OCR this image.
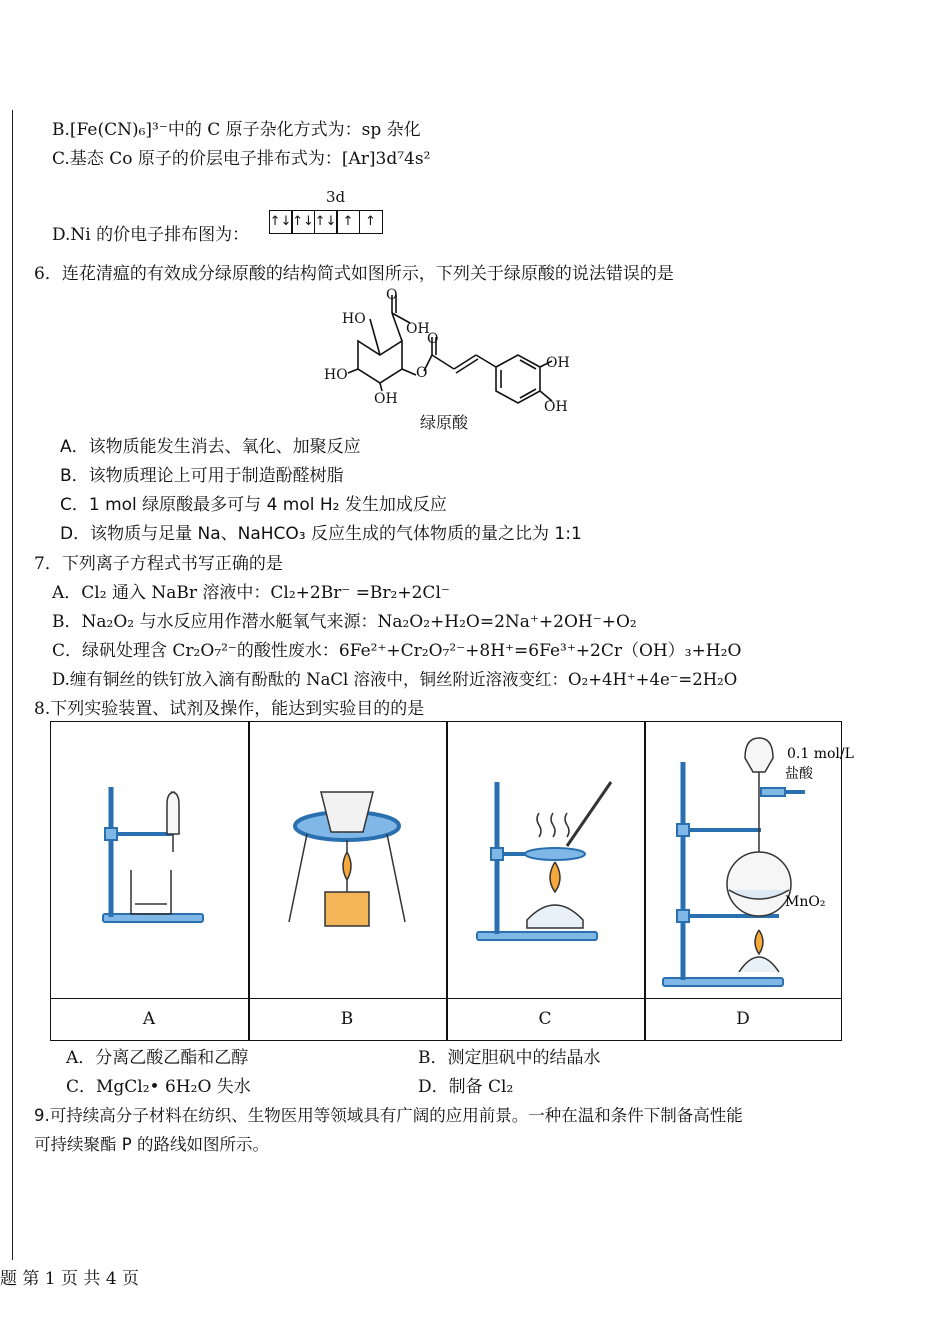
B.[Fe(CN)₆]³⁻中的 C 原子杂化方式为：sp 杂化
C.基态 Co 原子的价层电子排布式为：[Ar]3d⁷4s²
3d
D.Ni 的价电子排布图为：
↑↓ ↑↓ ↑↓ ↑ ↑
6．连花清瘟的有效成分绿原酸的结构简式如图所示，下列关于绿原酸的说法错误的是
O
HO
OH
O
O
HO
OH
OH
OH
绿原酸
A．该物质能发生消去、氧化、加聚反应
B．该物质理论上可用于制造酚醛树脂
C．1 mol 绿原酸最多可与 4 mol H₂ 发生加成反应
D．该物质与足量 Na、NaHCO₃ 反应生成的气体物质的量之比为 1:1
7．下列离子方程式书写正确的是
A．Cl₂ 通入 NaBr 溶液中：Cl₂+2Br⁻ =Br₂+2Cl⁻
B．Na₂O₂ 与水反应用作潜水艇氧气来源：Na₂O₂+H₂O=2Na⁺+2OH⁻+O₂
C．绿矾处理含 Cr₂O₇²⁻的酸性废水：6Fe²⁺+Cr₂O₇²⁻+8H⁺=6Fe³⁺+2Cr（OH）₃+H₂O
D.缠有铜丝的铁钉放入滴有酚酞的 NaCl 溶液中，铜丝附近溶液变红：O₂+4H⁺+4e⁻=2H₂O
8.下列实验装置、试剂及操作，能达到实验目的的是
0.1 mol/L
盐酸
MnO₂
A	B	C	D
A．分离乙酸乙酯和乙醇	B．测定胆矾中的结晶水
C．MgCl₂• 6H₂O 失水	D．制备 Cl₂
9.可持续高分子材料在纺织、生物医用等领域具有广阔的应用前景。一种在温和条件下制备高性能
可持续聚酯 P 的路线如图所示。
题 第 1 页 共 4 页
